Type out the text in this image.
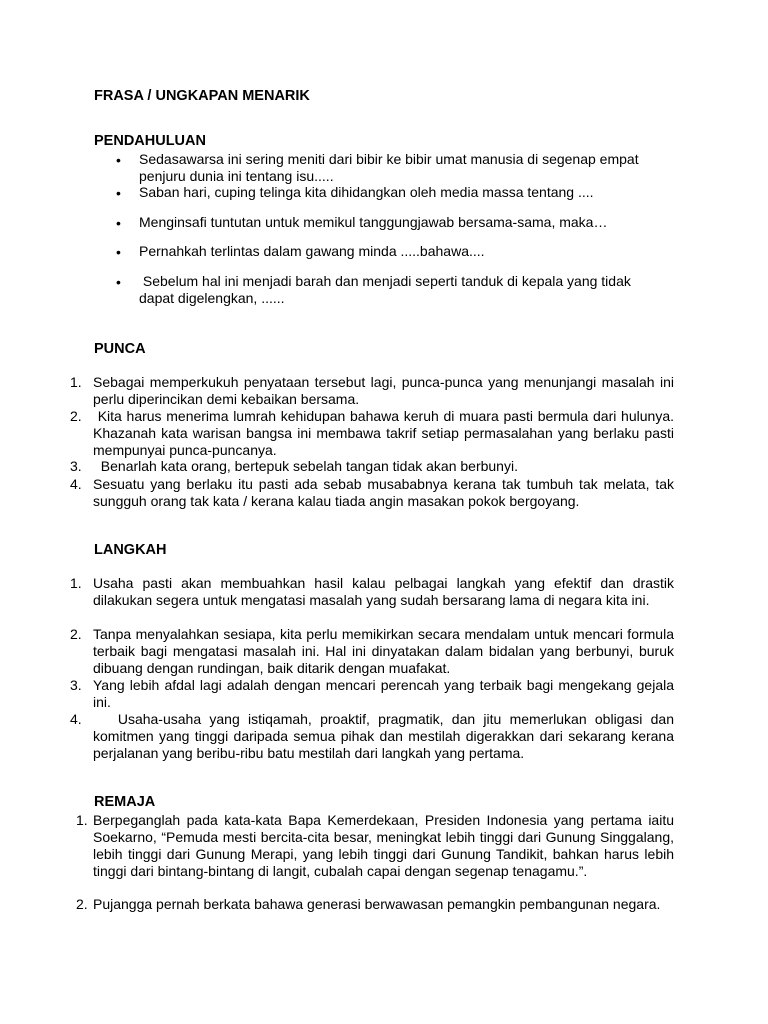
FRASA / UNGKAPAN MENARIK
PENDAHULUAN
• Sedasawarsa ini sering meniti dari bibir ke bibir umat manusia di segenap empat penjuru dunia ini tentang isu.....
• Saban hari, cuping telinga kita dihidangkan oleh media massa tentang ....
• Menginsafi tuntutan untuk memikul tanggungjawab bersama-sama, maka…
• Pernahkah terlintas dalam gawang minda .....bahawa....
• Sebelum hal ini menjadi barah dan menjadi seperti tanduk di kepala yang tidak dapat digelengkan, ......
PUNCA
1. Sebagai memperkukuh penyataan tersebut lagi, punca-punca yang menunjangi masalah ini perlu diperincikan demi kebaikan bersama.
2. Kita harus menerima lumrah kehidupan bahawa keruh di muara pasti bermula dari hulunya. Khazanah kata warisan bangsa ini membawa takrif setiap permasalahan yang berlaku pasti mempunyai punca-puncanya.
3. Benarlah kata orang, bertepuk sebelah tangan tidak akan berbunyi.
4. Sesuatu yang berlaku itu pasti ada sebab musababnya kerana tak tumbuh tak melata, tak sungguh orang tak kata / kerana kalau tiada angin masakan pokok bergoyang.
LANGKAH
1. Usaha pasti akan membuahkan hasil kalau pelbagai langkah yang efektif dan drastik dilakukan segera untuk mengatasi masalah yang sudah bersarang lama di negara kita ini.
2. Tanpa menyalahkan sesiapa, kita perlu memikirkan secara mendalam untuk mencari formula terbaik bagi mengatasi masalah ini. Hal ini dinyatakan dalam bidalan yang berbunyi, buruk dibuang dengan rundingan, baik ditarik dengan muafakat.
3. Yang lebih afdal lagi adalah dengan mencari perencah yang terbaik bagi mengekang gejala ini.
4. Usaha-usaha yang istiqamah, proaktif, pragmatik, dan jitu memerlukan obligasi dan komitmen yang tinggi daripada semua pihak dan mestilah digerakkan dari sekarang kerana perjalanan yang beribu-ribu batu mestilah dari langkah yang pertama.
REMAJA
1. Berpeganglah pada kata-kata Bapa Kemerdekaan, Presiden Indonesia yang pertama iaitu Soekarno, “Pemuda mesti bercita-cita besar, meningkat lebih tinggi dari Gunung Singgalang, lebih tinggi dari Gunung Merapi, yang lebih tinggi dari Gunung Tandikit, bahkan harus lebih tinggi dari bintang-bintang di langit, cubalah capai dengan segenap tenagamu.”.
2. Pujangga pernah berkata bahawa generasi berwawasan pemangkin pembangunan negara.
